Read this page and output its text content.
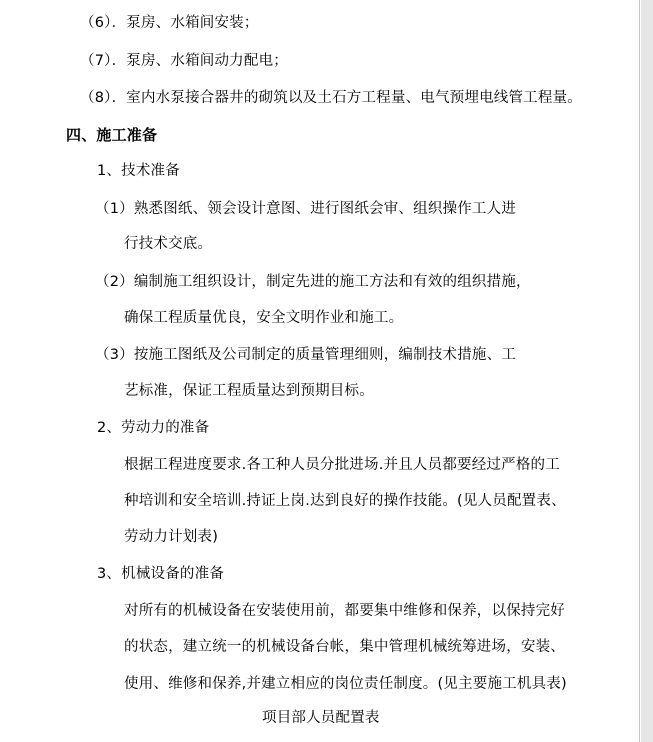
（6）．泵房、水箱间安装；
（7）．泵房、水箱间动力配电；
（8）．室内水泵接合器井的砌筑以及土石方工程量、电气预埋电线管工程量。
四、施工准备
1、技术准备
（1）熟悉图纸、领会设计意图、进行图纸会审、组织操作工人进
行技术交底。
（2）编制施工组织设计，制定先进的施工方法和有效的组织措施，
确保工程质量优良，安全文明作业和施工。
（3）按施工图纸及公司制定的质量管理细则，编制技术措施、工
艺标准，保证工程质量达到预期目标。
2、劳动力的准备
根据工程进度要求.各工种人员分批进场.并且人员都要经过严格的工
种培训和安全培训.持证上岗.达到良好的操作技能。(见人员配置表、
劳动力计划表)
3、机械设备的准备
对所有的机械设备在安装使用前，都要集中维修和保养，以保持完好
的状态，建立统一的机械设备台帐，集中管理机械统筹进场，安装、
使用、维修和保养,并建立相应的岗位责任制度。(见主要施工机具表)
项目部人员配置表
